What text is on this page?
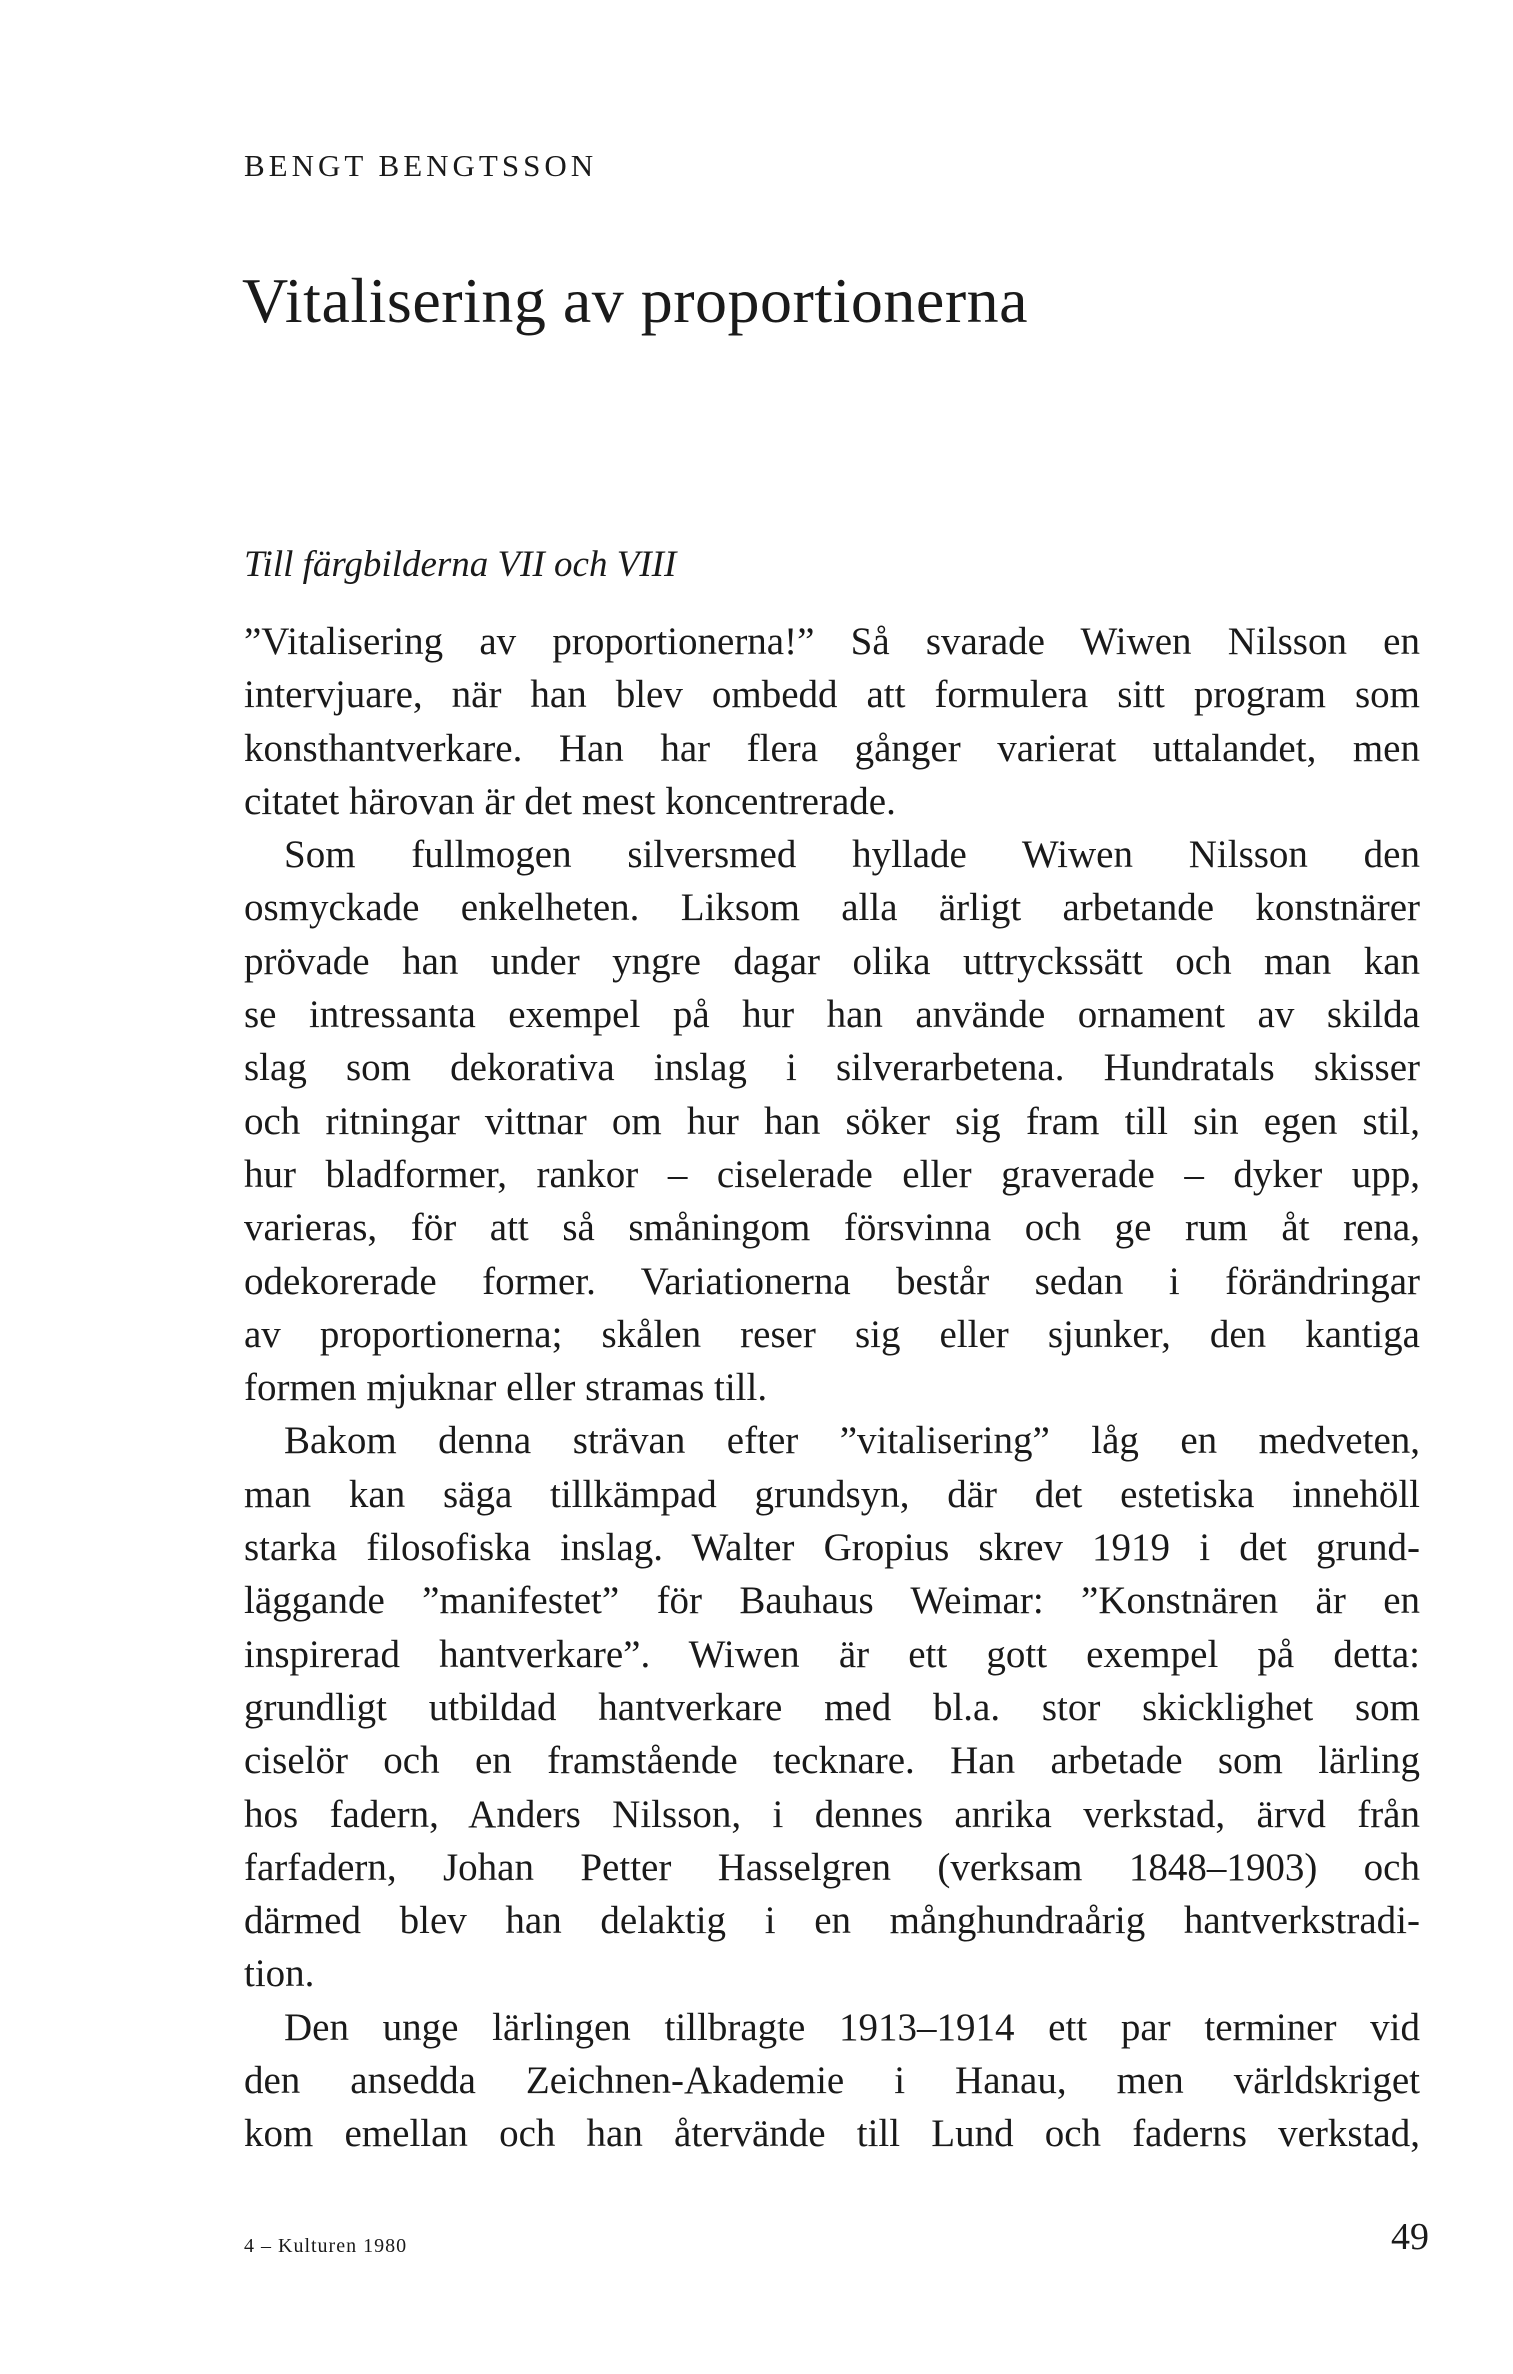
BENGT BENGTSSON
Vitalisering av proportionerna
Till färgbilderna VII och VIII
”Vitalisering av proportionerna!” Så svarade Wiwen Nilsson en
intervjuare, när han blev ombedd att formulera sitt program som
konsthantverkare. Han har flera gånger varierat uttalandet, men
citatet härovan är det mest koncentrerade.
Som fullmogen silversmed hyllade Wiwen Nilsson den
osmyckade enkelheten. Liksom alla ärligt arbetande konstnärer
prövade han under yngre dagar olika uttryckssätt och man kan
se intressanta exempel på hur han använde ornament av skilda
slag som dekorativa inslag i silverarbetena. Hundratals skisser
och ritningar vittnar om hur han söker sig fram till sin egen stil,
hur bladformer, rankor – ciselerade eller graverade – dyker upp,
varieras, för att så småningom försvinna och ge rum åt rena,
odekorerade former. Variationerna består sedan i förändringar
av proportionerna; skålen reser sig eller sjunker, den kantiga
formen mjuknar eller stramas till.
Bakom denna strävan efter ”vitalisering” låg en medveten,
man kan säga tillkämpad grundsyn, där det estetiska innehöll
starka filosofiska inslag. Walter Gropius skrev 1919 i det grund-
läggande ”manifestet” för Bauhaus Weimar: ”Konstnären är en
inspirerad hantverkare”. Wiwen är ett gott exempel på detta:
grundligt utbildad hantverkare med bl.a. stor skicklighet som
ciselör och en framstående tecknare. Han arbetade som lärling
hos fadern, Anders Nilsson, i dennes anrika verkstad, ärvd från
farfadern, Johan Petter Hasselgren (verksam 1848–1903) och
därmed blev han delaktig i en månghundraårig hantverkstradi-
tion.
Den unge lärlingen tillbragte 1913–1914 ett par terminer vid
den ansedda Zeichnen-Akademie i Hanau, men världskriget
kom emellan och han återvände till Lund och faderns verkstad,
4 – Kulturen 1980	49
